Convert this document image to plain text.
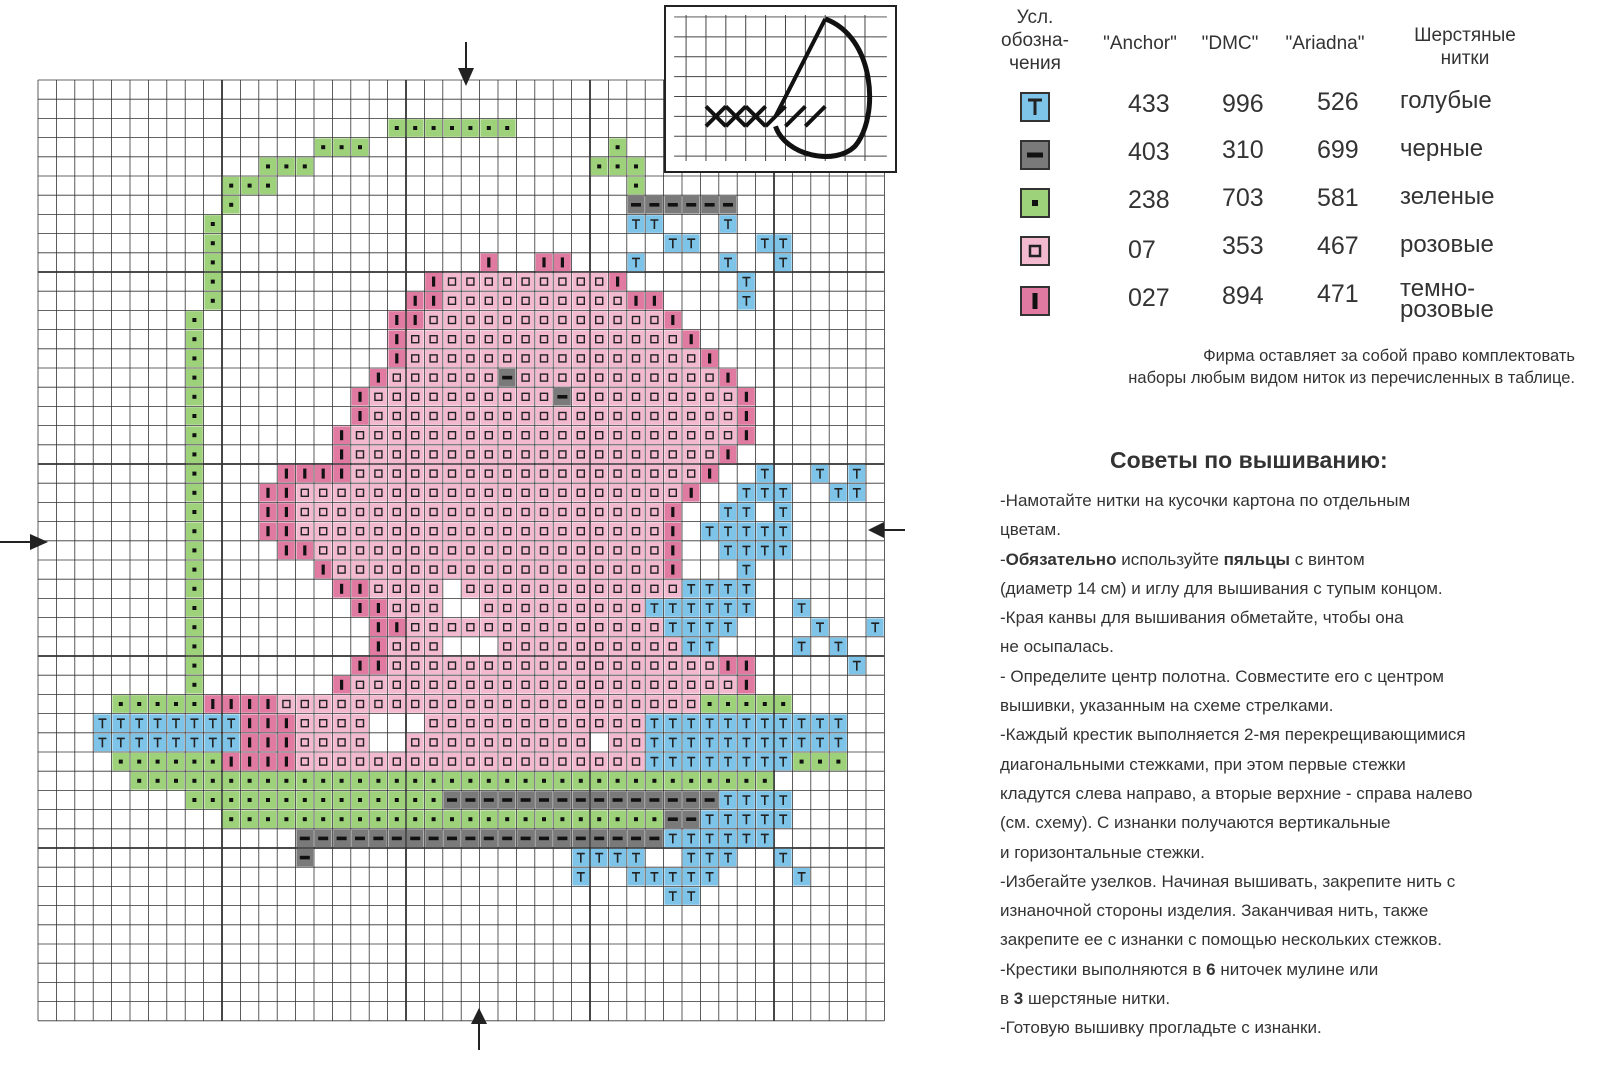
Усл.
обозна-
чения
"Anchor"	"DMC"	"Ariadna"	Шерстяные
нитки
433 996 526 голубые
403 310 699 черные
238 703 581 зеленые
07	353 467 розовые
027 894 471 темно-
розовые
Фирма оставляет за собой право комплектовать
наборы любым видом ниток из перечисленных в таблице.
Советы по вышиванию:

-Намотайте нитки на кусочки картона по отдельным

цветам.

-Обязательно используйте пяльцы с винтом

(диаметр 14 см) и иглу для вышивания с тупым концом.

-Края канвы для вышивания обметайте, чтобы она

не осыпалась.

- Определите центр полотна. Совместите его с центром

вышивки, указанным на схеме стрелками.

-Каждый крестик выполняется 2-мя перекрещивающимися

диагональными стежками, при этом первые стежки

кладутся слева направо, а вторые верхние - справа налево

(см. схему). С изнанки получаются вертикальные

и горизонтальные стежки.

-Избегайте узелков. Начиная вышивать, закрепите нить с

изнаночной стороны изделия. Заканчивая нить, также

закрепите ее с изнанки с помощью нескольких стежков.

-Крестики выполняются в 6 ниточек мулине или

в 3 шерстяные нитки.

-Готовую вышивку прогладьте с изнанки.
